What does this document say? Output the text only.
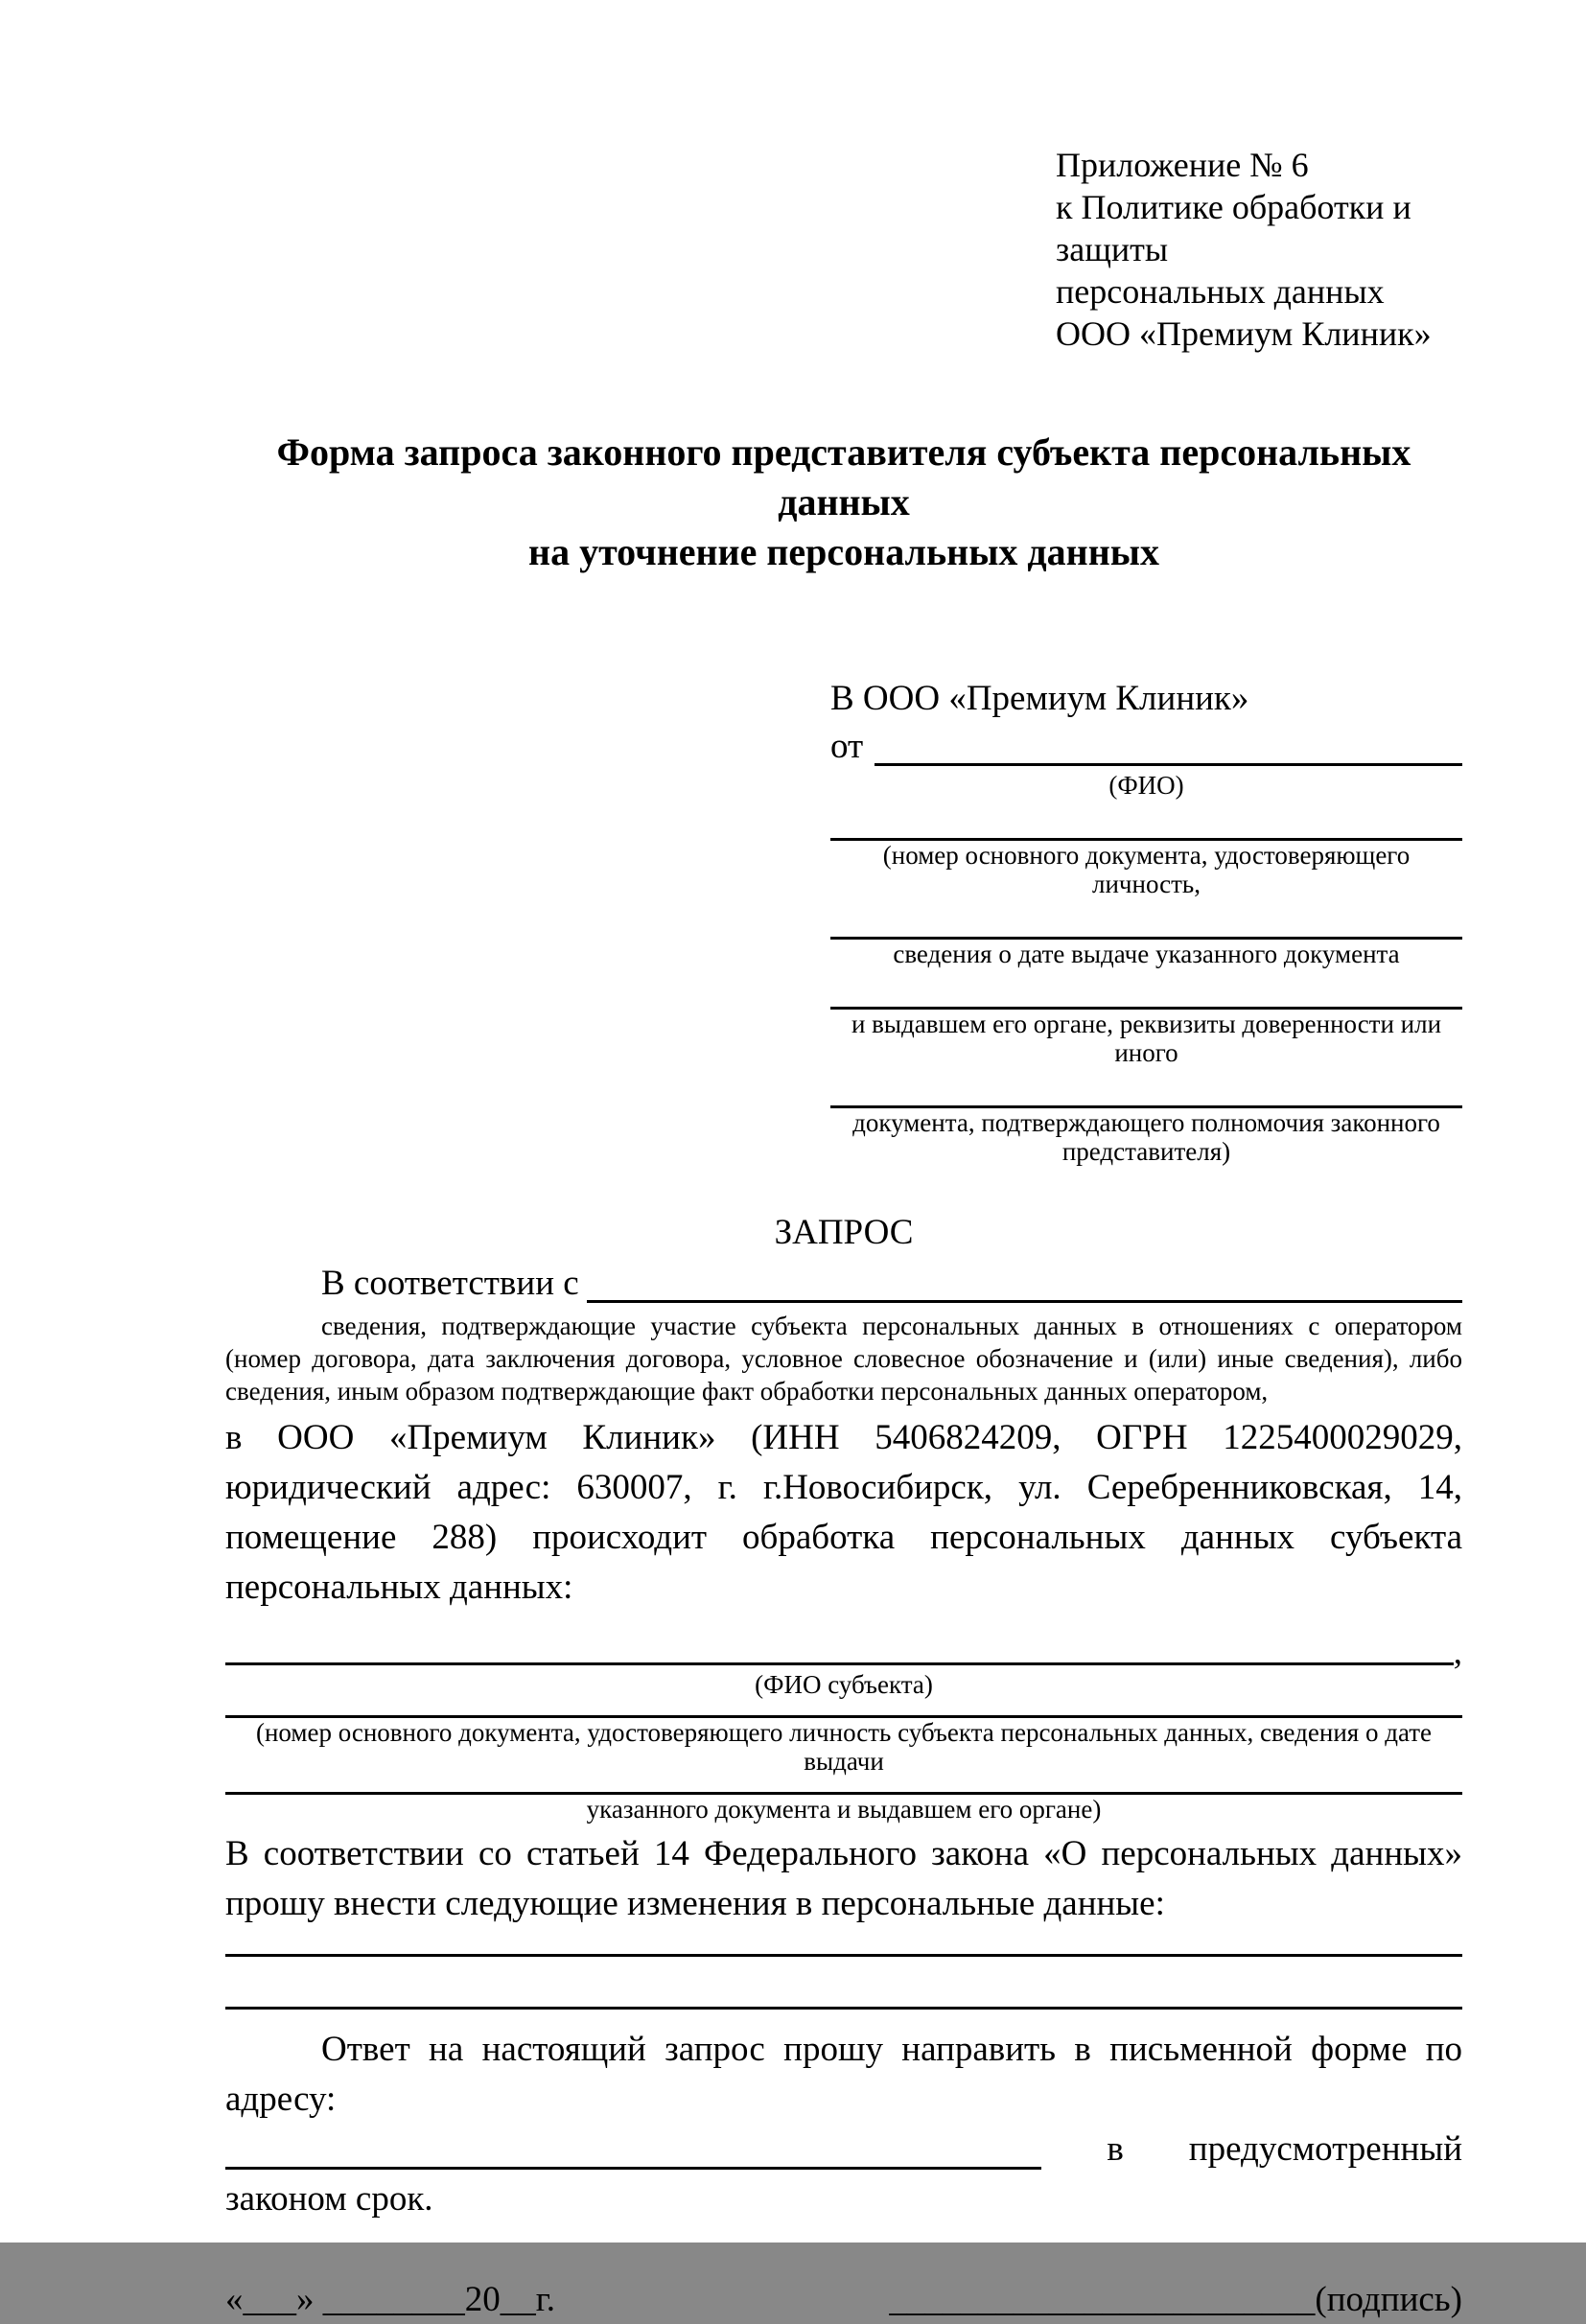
Приложение № 6
к Политике обработки и защиты
персональных данных
ООО «Премиум Клиник»
Форма запроса законного представителя субъекта персональных данных
на уточнение персональных данных
В ООО «Премиум Клиник»
от
(ФИО)
(номер основного документа, удостоверяющего личность,
сведения о дате выдаче указанного документа
и выдавшем его органе, реквизиты доверенности или иного
документа, подтверждающего полномочия законного представителя)
ЗАПРОС
В соответствии с
сведения, подтверждающие участие субъекта персональных данных в отношениях с оператором (номер договора, дата заключения договора, условное словесное обозначение и (или) иные сведения), либо сведения, иным образом подтверждающие факт обработки персональных данных оператором,
в ООО «Премиум Клиник» (ИНН 5406824209, ОГРН 1225400029029, юридический адрес: 630007, г. г.Новосибирск, ул. Серебренниковская, 14, помещение 288) происходит обработка персональных данных субъекта персональных данных:
,
(ФИО субъекта)
(номер основного документа, удостоверяющего личность субъекта персональных данных, сведения о дате выдачи
указанного документа и выдавшем его органе)
В соответствии со статьей 14 Федерального закона «О персональных данных» прошу внести следующие изменения в персональные данные:
Ответ на настоящий запрос прошу направить в письменной форме по адресу:
в предусмотренный
законом срок.
«___» ________20__г.	________________________(подпись)
